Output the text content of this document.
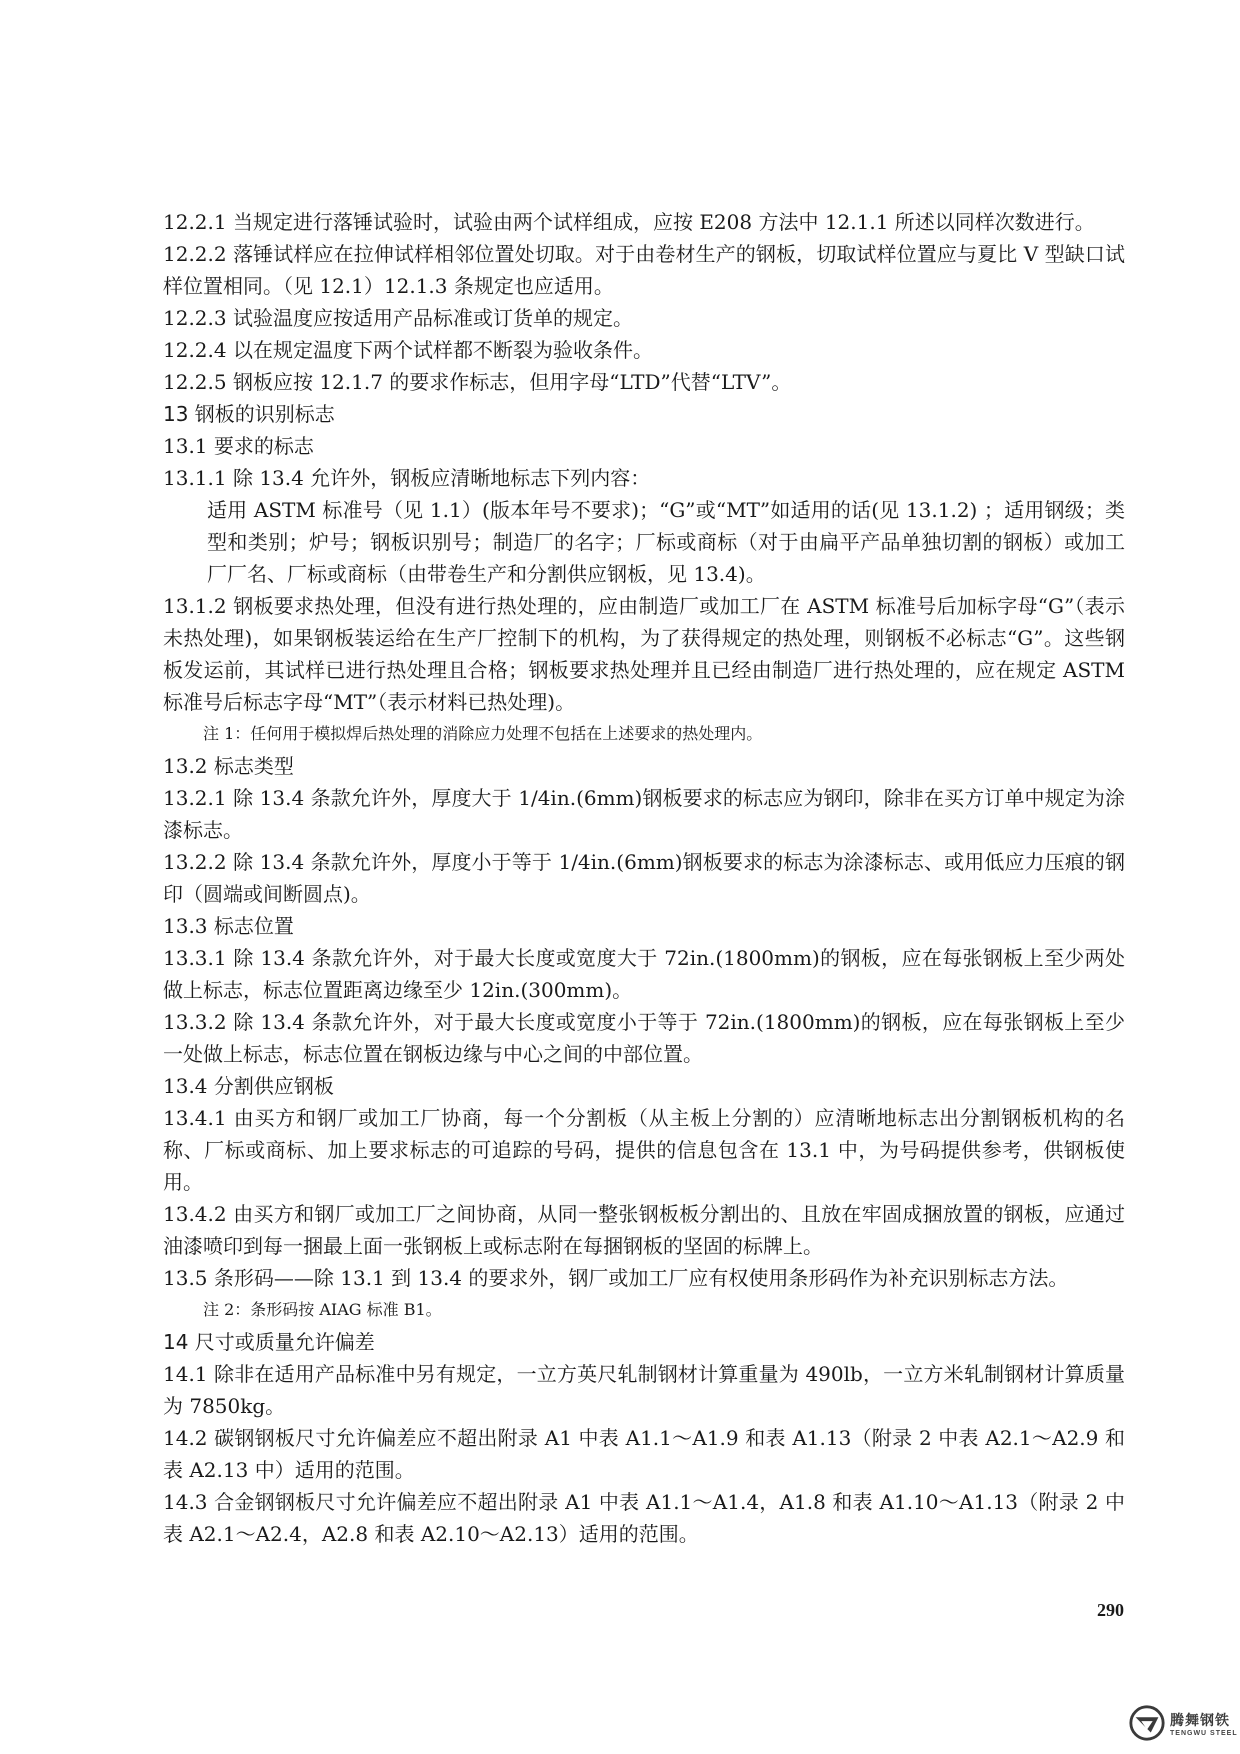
12.2.1 当规定进行落锤试验时，试验由两个试样组成，应按 E208 方法中 12.1.1 所述以同样次数进行。

12.2.2 落锤试样应在拉伸试样相邻位置处切取。对于由卷材生产的钢板，切取试样位置应与夏比 V 型缺口试样位置相同。（见 12.1）12.1.3 条规定也应适用。

12.2.3 试验温度应按适用产品标准或订货单的规定。

12.2.4 以在规定温度下两个试样都不断裂为验收条件。

12.2.5 钢板应按 12.1.7 的要求作标志，但用字母“LTD”代替“LTV”。

13 钢板的识别标志

13.1 要求的标志

13.1.1 除 13.4 允许外，钢板应清晰地标志下列内容：

适用 ASTM 标准号（见 1.1）(版本年号不要求)；“G”或“MT”如适用的话(见 13.1.2) ；适用钢级；类型和类别；炉号；钢板识别号；制造厂的名字；厂标或商标（对于由扁平产品单独切割的钢板）或加工厂厂名、厂标或商标（由带卷生产和分割供应钢板，见 13.4)。

13.1.2 钢板要求热处理，但没有进行热处理的，应由制造厂或加工厂在 ASTM 标准号后加标字母“G”（表示未热处理)，如果钢板装运给在生产厂控制下的机构，为了获得规定的热处理，则钢板不必标志“G”。这些钢板发运前，其试样已进行热处理且合格；钢板要求热处理并且已经由制造厂进行热处理的，应在规定 ASTM 标准号后标志字母“MT”（表示材料已热处理)。

注 1：任何用于模拟焊后热处理的消除应力处理不包括在上述要求的热处理内。

13.2 标志类型

13.2.1 除 13.4 条款允许外，厚度大于 1/4in.(6mm)钢板要求的标志应为钢印，除非在买方订单中规定为涂漆标志。

13.2.2 除 13.4 条款允许外，厚度小于等于 1/4in.(6mm)钢板要求的标志为涂漆标志、或用低应力压痕的钢印（圆端或间断圆点)。

13.3 标志位置

13.3.1 除 13.4 条款允许外，对于最大长度或宽度大于 72in.(1800mm)的钢板，应在每张钢板上至少两处做上标志，标志位置距离边缘至少 12in.(300mm)。

13.3.2 除 13.4 条款允许外，对于最大长度或宽度小于等于 72in.(1800mm)的钢板，应在每张钢板上至少一处做上标志，标志位置在钢板边缘与中心之间的中部位置。

13.4 分割供应钢板

13.4.1 由买方和钢厂或加工厂协商，每一个分割板（从主板上分割的）应清晰地标志出分割钢板机构的名称、厂标或商标、加上要求标志的可追踪的号码，提供的信息包含在 13.1 中，为号码提供参考，供钢板使用。

13.4.2 由买方和钢厂或加工厂之间协商，从同一整张钢板板分割出的、且放在牢固成捆放置的钢板，应通过油漆喷印到每一捆最上面一张钢板上或标志附在每捆钢板的坚固的标牌上。

13.5 条形码——除 13.1 到 13.4 的要求外，钢厂或加工厂应有权使用条形码作为补充识别标志方法。

注 2：条形码按 AIAG 标准 B1。

14 尺寸或质量允许偏差

14.1 除非在适用产品标准中另有规定，一立方英尺轧制钢材计算重量为 490lb，一立方米轧制钢材计算质量为 7850kg。

14.2 碳钢钢板尺寸允许偏差应不超出附录 A1 中表 A1.1～A1.9 和表 A1.13（附录 2 中表 A2.1～A2.9 和表 A2.13 中）适用的范围。

14.3 合金钢钢板尺寸允许偏差应不超出附录 A1 中表 A1.1～A1.4，A1.8 和表 A1.10～A1.13（附录 2 中表 A2.1～A2.4，A2.8 和表 A2.10～A2.13）适用的范围。

290
腾舞钢铁
TENGWU STEEL
